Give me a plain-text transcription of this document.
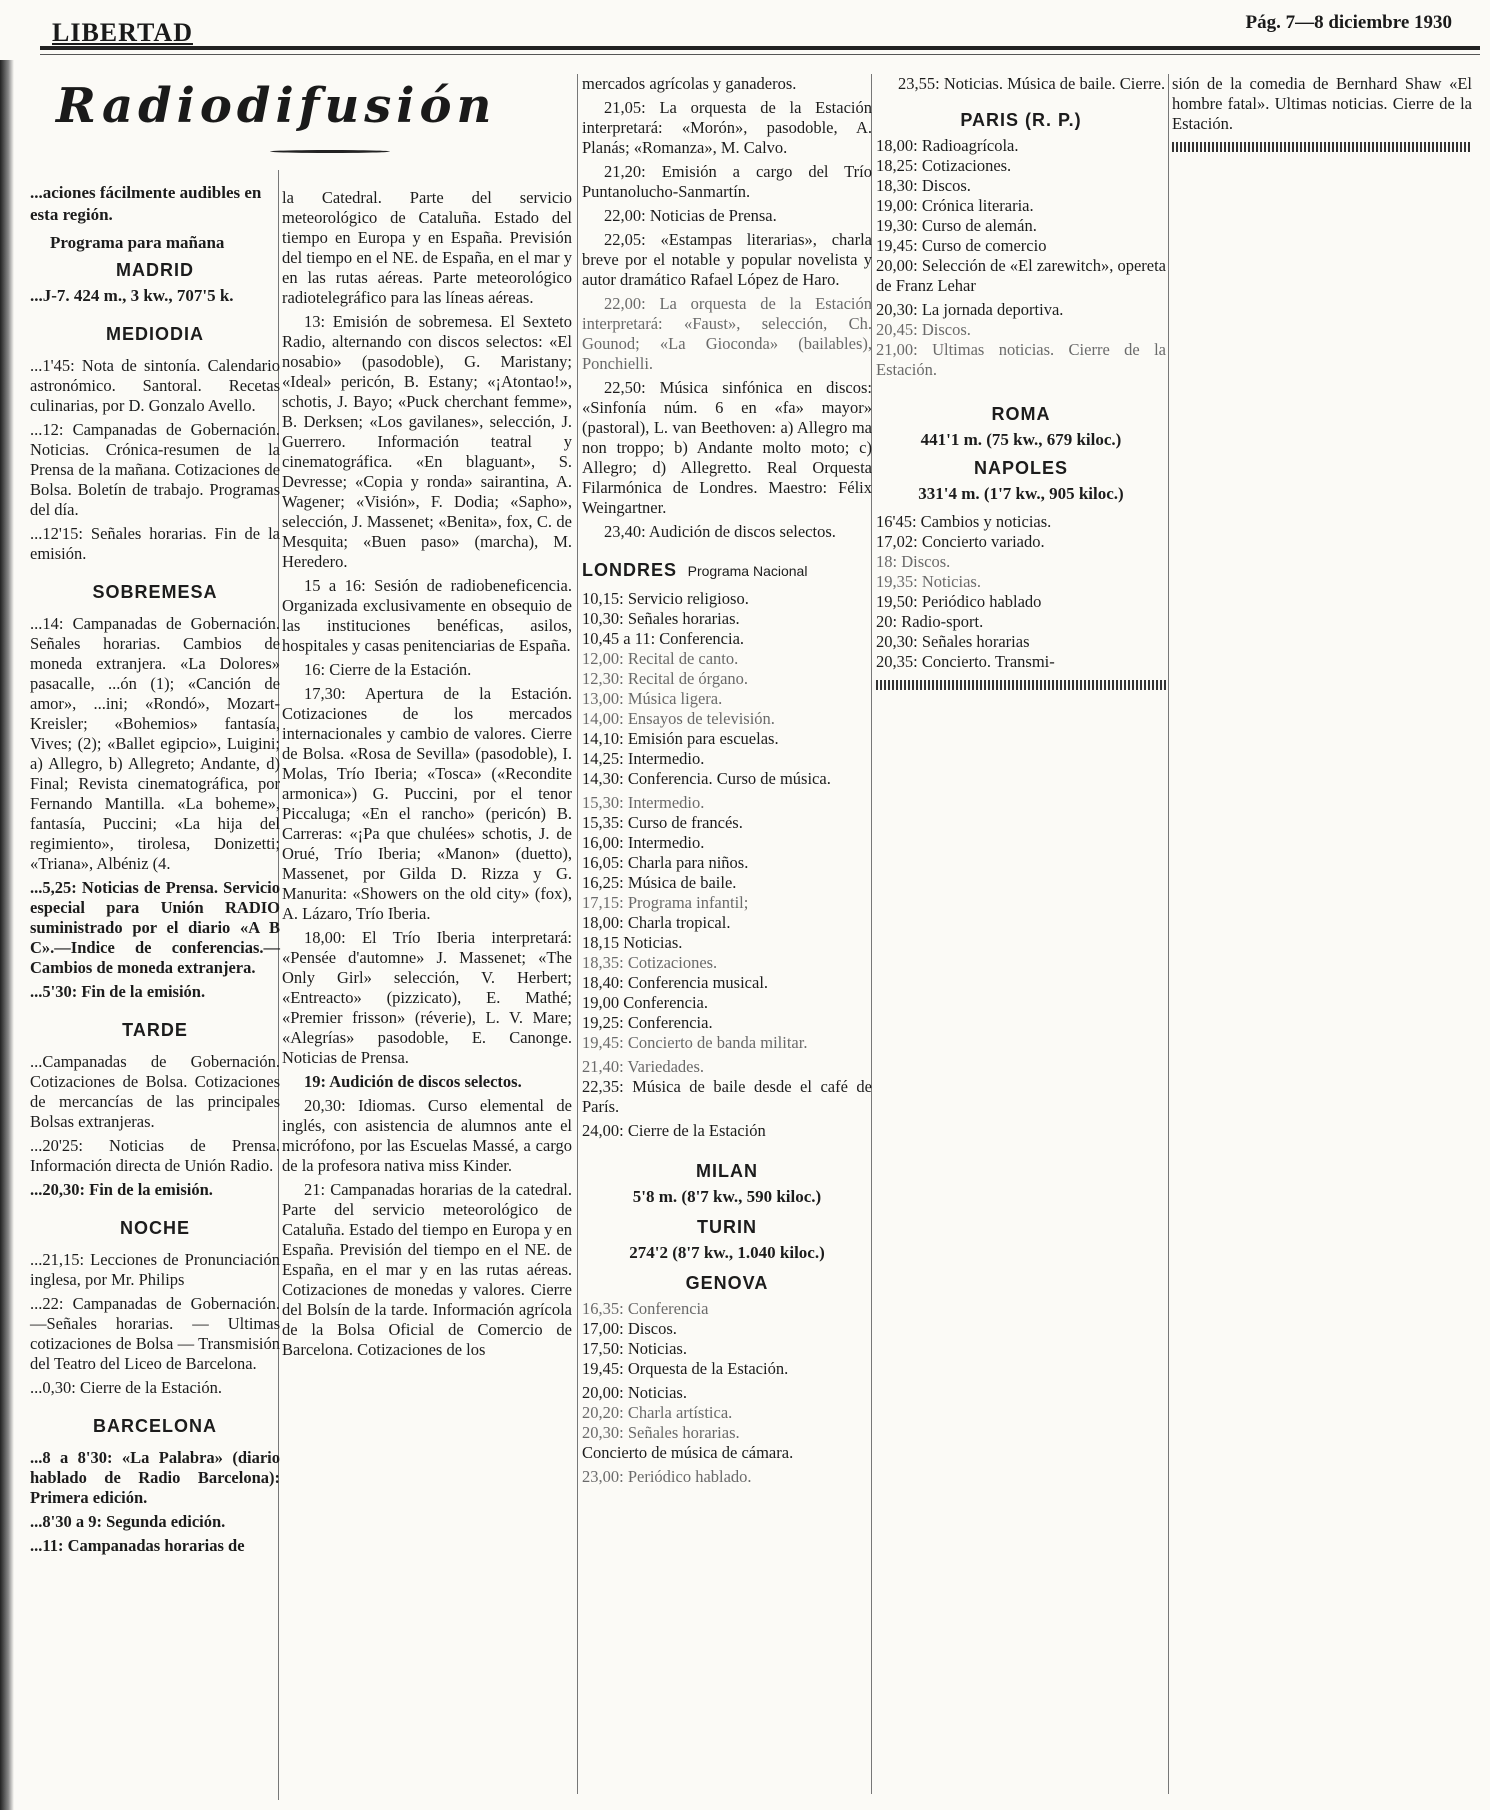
LIBERTAD	Pág. 7—8 diciembre 1930
Radiodifusión

...aciones fácilmente audibles en esta región.

Programa para mañana

MADRID

...J-7. 424 m., 3 kw., 707'5 k.

MEDIODIA

...1'45: Nota de sintonía. Calendario astronómico. Santoral. Recetas culinarias, por D. Gonzalo Avello.

...12: Campanadas de Gobernación. Noticias. Crónica-resumen de la Prensa de la mañana. Cotizaciones de Bolsa. Boletín de trabajo. Programas del día.

...12'15: Señales horarias. Fin de la emisión.

SOBREMESA

...14: Campanadas de Gobernación. Señales horarias. Cambios de moneda extranjera. «La Dolores» pasacalle, ...ón (1); «Canción de amor», ...ini; «Rondó», Mozart-Kreisler; «Bohemios» fantasía, Vives; (2); «Ballet egipcio», Luigini; a) Allegro, b) Allegreto; Andante, d) Final; Revista cinematográfica, por Fernando Mantilla. «La boheme», fantasía, Puccini; «La hija del regimiento», tirolesa, Donizetti; «Triana», Albéniz (4.

...5,25: Noticias de Prensa. Servicio especial para Unión RADIO suministrado por el diario «A B C».—Indice de conferencias.—Cambios de moneda extranjera.

...5'30: Fin de la emisión.

TARDE

...Campanadas de Gobernación. Cotizaciones de Bolsa. Cotizaciones de mercancías de las principales Bolsas extranjeras.

...20'25: Noticias de Prensa. Información directa de Unión Radio.

...20,30: Fin de la emisión.

NOCHE

...21,15: Lecciones de Pronunciación inglesa, por Mr. Philips

...22: Campanadas de Gobernación. —Señales horarias. — Ultimas cotizaciones de Bolsa — Transmisión del Teatro del Liceo de Barcelona.

...0,30: Cierre de la Estación.

BARCELONA

...8 a 8'30: «La Palabra» (diario hablado de Radio Barcelona): Primera edición.

...8'30 a 9: Segunda edición.

...11: Campanadas horarias de

la Catedral. Parte del servicio meteorológico de Cataluña. Estado del tiempo en Europa y en España. Previsión del tiempo en el NE. de España, en el mar y en las rutas aéreas. Parte meteorológico radiotelegráfico para las líneas aéreas.

13: Emisión de sobremesa. El Sexteto Radio, alternando con discos selectos: «El nosabio» (pasodoble), G. Maristany; «Ideal» pericón, B. Estany; «¡Atontao!», schotis, J. Bayo; «Puck cherchant femme», B. Derksen; «Los gavilanes», selección, J. Guerrero. Información teatral y cinematográfica. «En blaguant», S. Devresse; «Copia y ronda» sairantina, A. Wagener; «Visión», F. Dodia; «Sapho», selección, J. Massenet; «Benita», fox, C. de Mesquita; «Buen paso» (marcha), M. Heredero.

15 a 16: Sesión de radiobeneficencia. Organizada exclusivamente en obsequio de las instituciones benéficas, asilos, hospitales y casas penitenciarias de España.

16: Cierre de la Estación.

17,30: Apertura de la Estación. Cotizaciones de los mercados internacionales y cambio de valores. Cierre de Bolsa. «Rosa de Sevilla» (pasodoble), I. Molas, Trío Iberia; «Tosca» («Recondite armonica») G. Puccini, por el tenor Piccaluga; «En el rancho» (pericón) B. Carreras: «¡Pa que chulées» schotis, J. de Orué, Trío Iberia; «Manon» (duetto), Massenet, por Gilda D. Rizza y G. Manurita: «Showers on the old city» (fox), A. Lázaro, Trío Iberia.

18,00: El Trío Iberia interpretará: «Pensée d'automne» J. Massenet; «The Only Girl» selección, V. Herbert; «Entreacto» (pizzicato), E. Mathé; «Premier frisson» (réverie), L. V. Mare; «Alegrías» pasodoble, E. Canonge. Noticias de Prensa.

19: Audición de discos selectos.

20,30: Idiomas. Curso elemental de inglés, con asistencia de alumnos ante el micrófono, por las Escuelas Massé, a cargo de la profesora nativa miss Kinder.

21: Campanadas horarias de la catedral. Parte del servicio meteorológico de Cataluña. Estado del tiempo en Europa y en España. Previsión del tiempo en el NE. de España, en el mar y en las rutas aéreas. Cotizaciones de monedas y valores. Cierre del Bolsín de la tarde. Información agrícola de la Bolsa Oficial de Comercio de Barcelona. Cotizaciones de los

mercados agrícolas y ganaderos.

21,05: La orquesta de la Estación interpretará: «Morón», pasodoble, A. Planás; «Romanza», M. Calvo.

21,20: Emisión a cargo del Trío Puntanolucho-Sanmartín.

22,00: Noticias de Prensa.

22,05: «Estampas literarias», charla breve por el notable y popular novelista y autor dramático Rafael López de Haro.

22,00: La orquesta de la Estación interpretará: «Faust», selección, Ch. Gounod; «La Gioconda» (bailables), Ponchielli.

22,50: Música sinfónica en discos: «Sinfonía núm. 6 en «fa» mayor» (pastoral), L. van Beethoven: a) Allegro ma non troppo; b) Andante molto moto; c) Allegro; d) Allegretto. Real Orquesta Filarmónica de Londres. Maestro: Félix Weingartner.

23,40: Audición de discos selectos.

LONDRES Programa Nacional

10,15: Servicio religioso.

10,30: Señales horarias.

10,45 a 11: Conferencia.

12,00: Recital de canto.

12,30: Recital de órgano.

13,00: Música ligera.

14,00: Ensayos de televisión.

14,10: Emisión para escuelas.

14,25: Intermedio.

14,30: Conferencia. Curso de música.

15,30: Intermedio.

15,35: Curso de francés.

16,00: Intermedio.

16,05: Charla para niños.

16,25: Música de baile.

17,15: Programa infantil;

18,00: Charla tropical.

18,15 Noticias.

18,35: Cotizaciones.

18,40: Conferencia musical.

19,00 Conferencia.

19,25: Conferencia.

19,45: Concierto de banda militar.

21,40: Variedades.

22,35: Música de baile desde el café de París.

24,00: Cierre de la Estación

MILAN

5'8 m. (8'7 kw., 590 kiloc.)

TURIN

274'2 (8'7 kw., 1.040 kiloc.)

GENOVA

16,35: Conferencia

17,00: Discos.

17,50: Noticias.

19,45: Orquesta de la Estación.

20,00: Noticias.

20,20: Charla artística.

20,30: Señales horarias.

Concierto de música de cámara.

23,00: Periódico hablado.

23,55: Noticias. Música de baile. Cierre.

PARIS (R. P.)

18,00: Radioagrícola.

18,25: Cotizaciones.

18,30: Discos.

19,00: Crónica literaria.

19,30: Curso de alemán.

19,45: Curso de comercio

20,00: Selección de «El zarewitch», opereta de Franz Lehar

20,30: La jornada deportiva.

20,45: Discos.

21,00: Ultimas noticias. Cierre de la Estación.

ROMA

441'1 m. (75 kw., 679 kiloc.)

NAPOLES

331'4 m. (1'7 kw., 905 kiloc.)

16'45: Cambios y noticias.

17,02: Concierto variado.

18: Discos.

19,35: Noticias.

19,50: Periódico hablado

20: Radio-sport.

20,30: Señales horarias

20,35: Concierto. Transmi-

sión de la comedia de Bernhard Shaw «El hombre fatal». Ultimas noticias. Cierre de la Estación.
